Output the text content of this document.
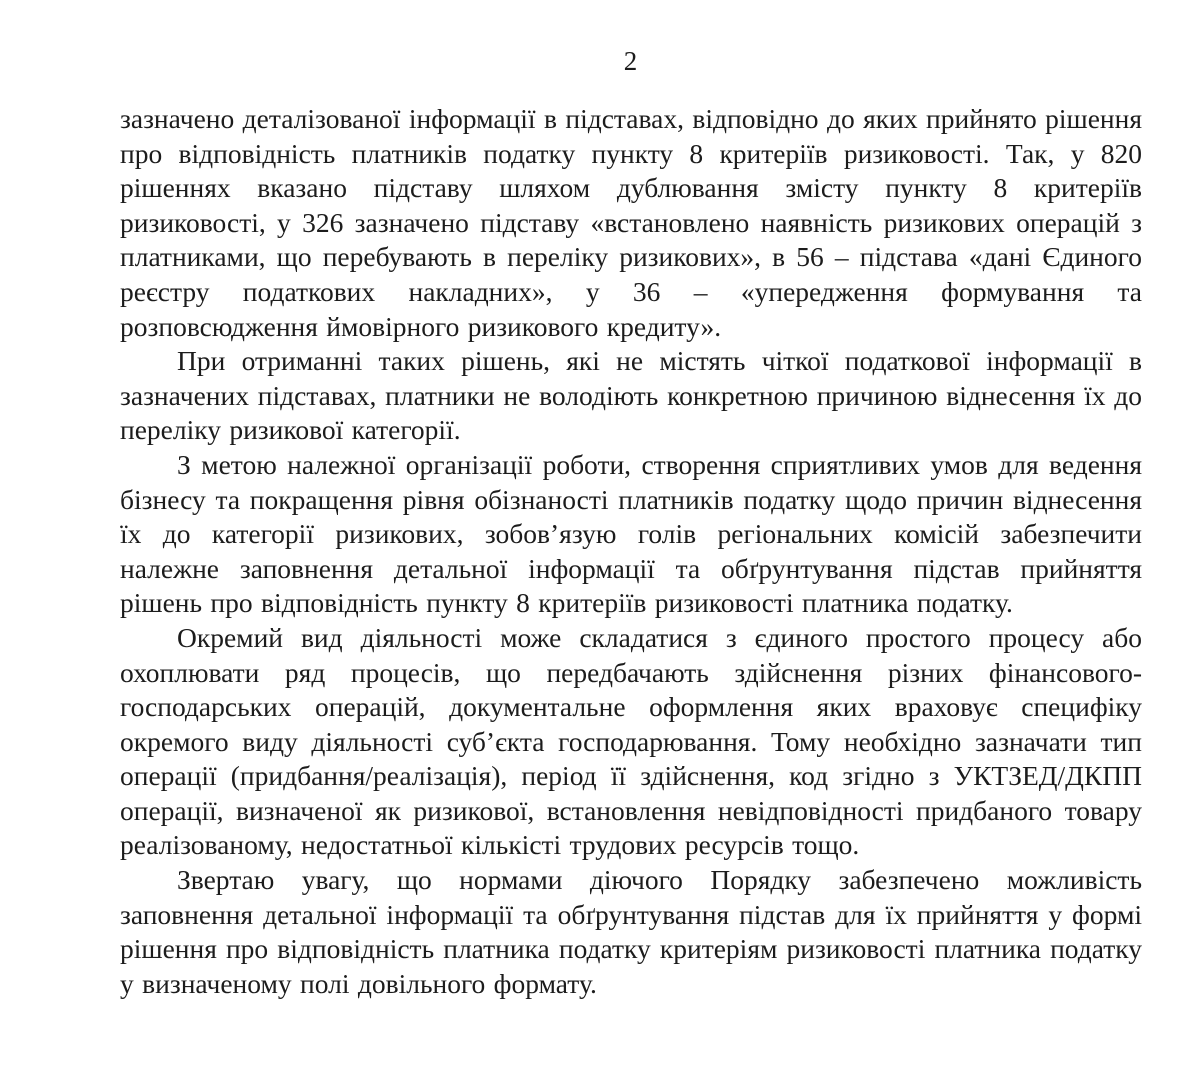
2

зазначено деталізованої інформації в підставах, відповідно до яких прийнято рішення про відповідність платників податку пункту 8 критеріїв ризиковості. Так, у 820 рішеннях вказано підставу шляхом дублювання змісту пункту 8 критеріїв ризиковості, у 326 зазначено підставу «встановлено наявність ризикових операцій з платниками, що перебувають в переліку ризикових», в 56 – підстава «дані Єдиного реєстру податкових накладних», у 36 – «упередження формування та розповсюдження ймовірного ризикового кредиту».

При отриманні таких рішень, які не містять чіткої податкової інформації в зазначених підставах, платники не володіють конкретною причиною віднесення їх до переліку ризикової категорії.

З метою належної організації роботи, створення сприятливих умов для ведення бізнесу та покращення рівня обізнаності платників податку щодо причин віднесення їх до категорії ризикових, зобов’язую голів регіональних комісій забезпечити належне заповнення детальної інформації та обґрунтування підстав прийняття рішень про відповідність пункту 8 критеріїв ризиковості платника податку.

Окремий вид діяльності може складатися з єдиного простого процесу або охоплювати ряд процесів, що передбачають здійснення різних фінансового-господарських операцій, документальне оформлення яких враховує специфіку окремого виду діяльності суб’єкта господарювання. Тому необхідно зазначати тип операції (придбання/реалізація), період її здійснення, код згідно з УКТЗЕД/ДКПП операції, визначеної як ризикової, встановлення невідповідності придбаного товару реалізованому, недостатньої кількісті трудових ресурсів тощо.

Звертаю увагу, що нормами діючого Порядку забезпечено можливість заповнення детальної інформації та обґрунтування підстав для їх прийняття у формі рішення про відповідність платника податку критеріям ризиковості платника податку у визначеному полі довільного формату.
